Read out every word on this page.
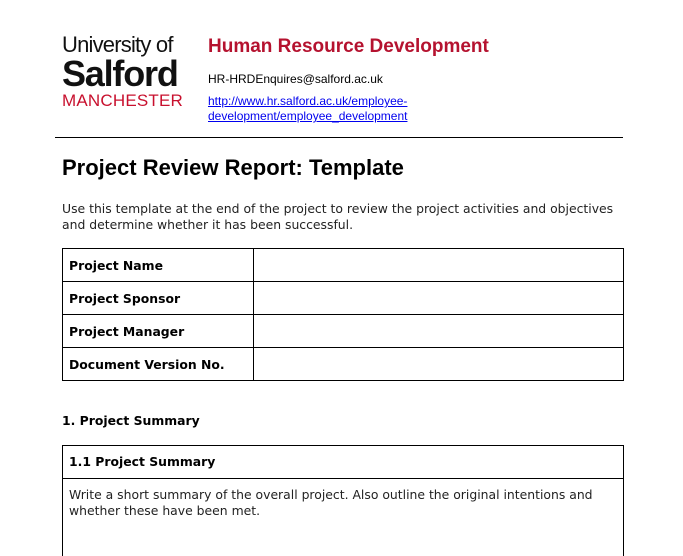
University of
Salford
MANCHESTER
Human Resource Development
HR-HRDEnquires@salford.ac.uk
http://www.hr.salford.ac.uk/employee-development/employee_development
Project Review Report: Template
Use this template at the end of the project to review the project activities and objectives and determine whether it has been successful.
Project Name	
Project Sponsor	
Project Manager	
Document Version No.	
1. Project Summary
1.1 Project Summary
Write a short summary of the overall project. Also outline the original intentions and whether these have been met.
